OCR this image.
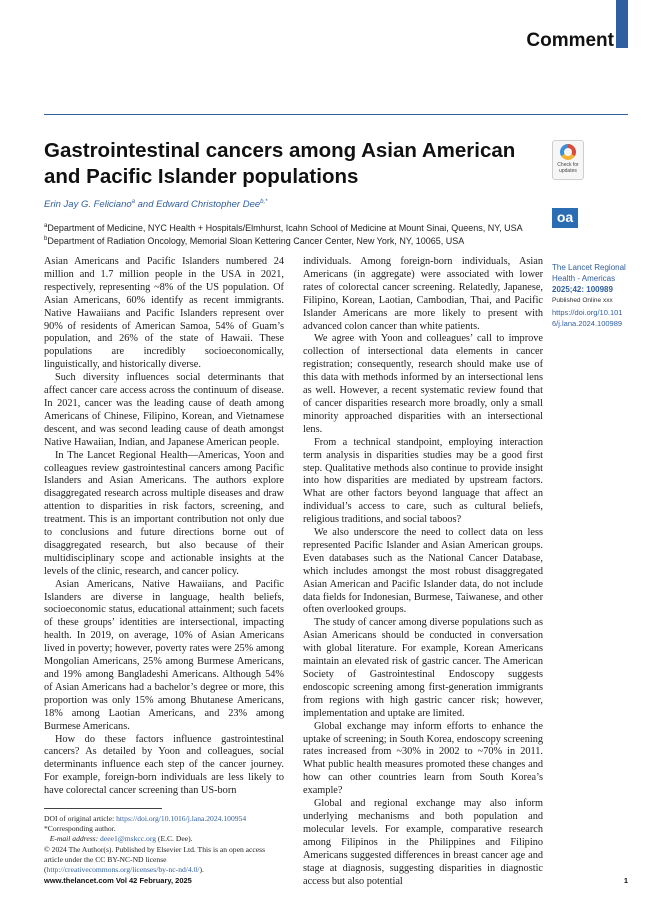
Comment
Gastrointestinal cancers among Asian American and Pacific Islander populations	Check for updates
Erin Jay G. Feliciano$^a$ and Edward Christopher Dee$^{b,*}$
$^a$Department of Medicine, NYC Health + Hospitals/Elmhurst, Icahn School of Medicine at Mount Sinai, Queens, NY, USA
$^b$Department of Radiation Oncology, Memorial Sloan Kettering Cancer Center, New York, NY, 10065, USA
oa
The Lancet Regional Health - Americas
2025;42: 100989
Published Online xxx
https://doi.org/10.1016/j.lana.2024.100989

Asian Americans and Pacific Islanders numbered 24 million and 1.7 million people in the USA in 2021, respectively, representing ~8% of the US population. Of Asian Americans, 60% identify as recent immigrants. Native Hawaiians and Pacific Islanders represent over 90% of residents of American Samoa, 54% of Guam’s population, and 26% of the state of Hawaii. These populations are incredibly socioeconomically, linguistically, and historically diverse.

Such diversity influences social determinants that affect cancer care access across the continuum of disease. In 2021, cancer was the leading cause of death among Americans of Chinese, Filipino, Korean, and Vietnamese descent, and was second leading cause of death amongst Native Hawaiian, Indian, and Japanese American people.

In The Lancet Regional Health—Americas, Yoon and colleagues review gastrointestinal cancers among Pacific Islanders and Asian Americans. The authors explore disaggregated research across multiple diseases and draw attention to disparities in risk factors, screening, and treatment. This is an important contribution not only due to conclusions and future directions borne out of disaggregated research, but also because of their multidisciplinary scope and actionable insights at the levels of the clinic, research, and cancer policy.

Asian Americans, Native Hawaiians, and Pacific Islanders are diverse in language, health beliefs, socioeconomic status, educational attainment; such facets of these groups’ identities are intersectional, impacting health. In 2019, on average, 10% of Asian Americans lived in poverty; however, poverty rates were 25% among Mongolian Americans, 25% among Burmese Americans, and 19% among Bangladeshi Americans. Although 54% of Asian Americans had a bachelor’s degree or more, this proportion was only 15% among Bhutanese Americans, 18% among Laotian Americans, and 23% among Burmese Americans.

How do these factors influence gastrointestinal cancers? As detailed by Yoon and colleagues, social determinants influence each step of the cancer journey. For example, foreign-born individuals are less likely to have colorectal cancer screening than US-born

individuals. Among foreign-born individuals, Asian Americans (in aggregate) were associated with lower rates of colorectal cancer screening. Relatedly, Japanese, Filipino, Korean, Laotian, Cambodian, Thai, and Pacific Islander Americans are more likely to present with advanced colon cancer than white patients.

We agree with Yoon and colleagues’ call to improve collection of intersectional data elements in cancer registration; consequently, research should make use of this data with methods informed by an intersectional lens as well. However, a recent systematic review found that of cancer disparities research more broadly, only a small minority approached disparities with an intersectional lens.

From a technical standpoint, employing interaction term analysis in disparities studies may be a good first step. Qualitative methods also continue to provide insight into how disparities are mediated by upstream factors. What are other factors beyond language that affect an individual’s access to care, such as cultural beliefs, religious traditions, and social taboos?

We also underscore the need to collect data on less represented Pacific Islander and Asian American groups. Even databases such as the National Cancer Database, which includes amongst the most robust disaggregated Asian American and Pacific Islander data, do not include data fields for Indonesian, Burmese, Taiwanese, and other often overlooked groups.

The study of cancer among diverse populations such as Asian Americans should be conducted in conversation with global literature. For example, Korean Americans maintain an elevated risk of gastric cancer. The American Society of Gastrointestinal Endoscopy suggests endoscopic screening among first-generation immigrants from regions with high gastric cancer risk; however, implementation and uptake are limited.

Global exchange may inform efforts to enhance the uptake of screening; in South Korea, endoscopy screening rates increased from ~30% in 2002 to ~70% in 2011. What public health measures promoted these changes and how can other countries learn from South Korea’s example?

Global and regional exchange may also inform underlying mechanisms and both population and molecular levels. For example, comparative research among Filipinos in the Philippines and Filipino Americans suggested differences in breast cancer age and stage at diagnosis, suggesting disparities in diagnostic access but also potential

DOI of original article: https://doi.org/10.1016/j.lana.2024.100954
*Corresponding author.
E-mail address: deee1@mskcc.org (E.C. Dee).
© 2024 The Author(s). Published by Elsevier Ltd. This is an open access article under the CC BY-NC-ND license (http://creativecommons.org/licenses/by-nc-nd/4.0/).
www.thelancet.com Vol 42 February, 2025	1
